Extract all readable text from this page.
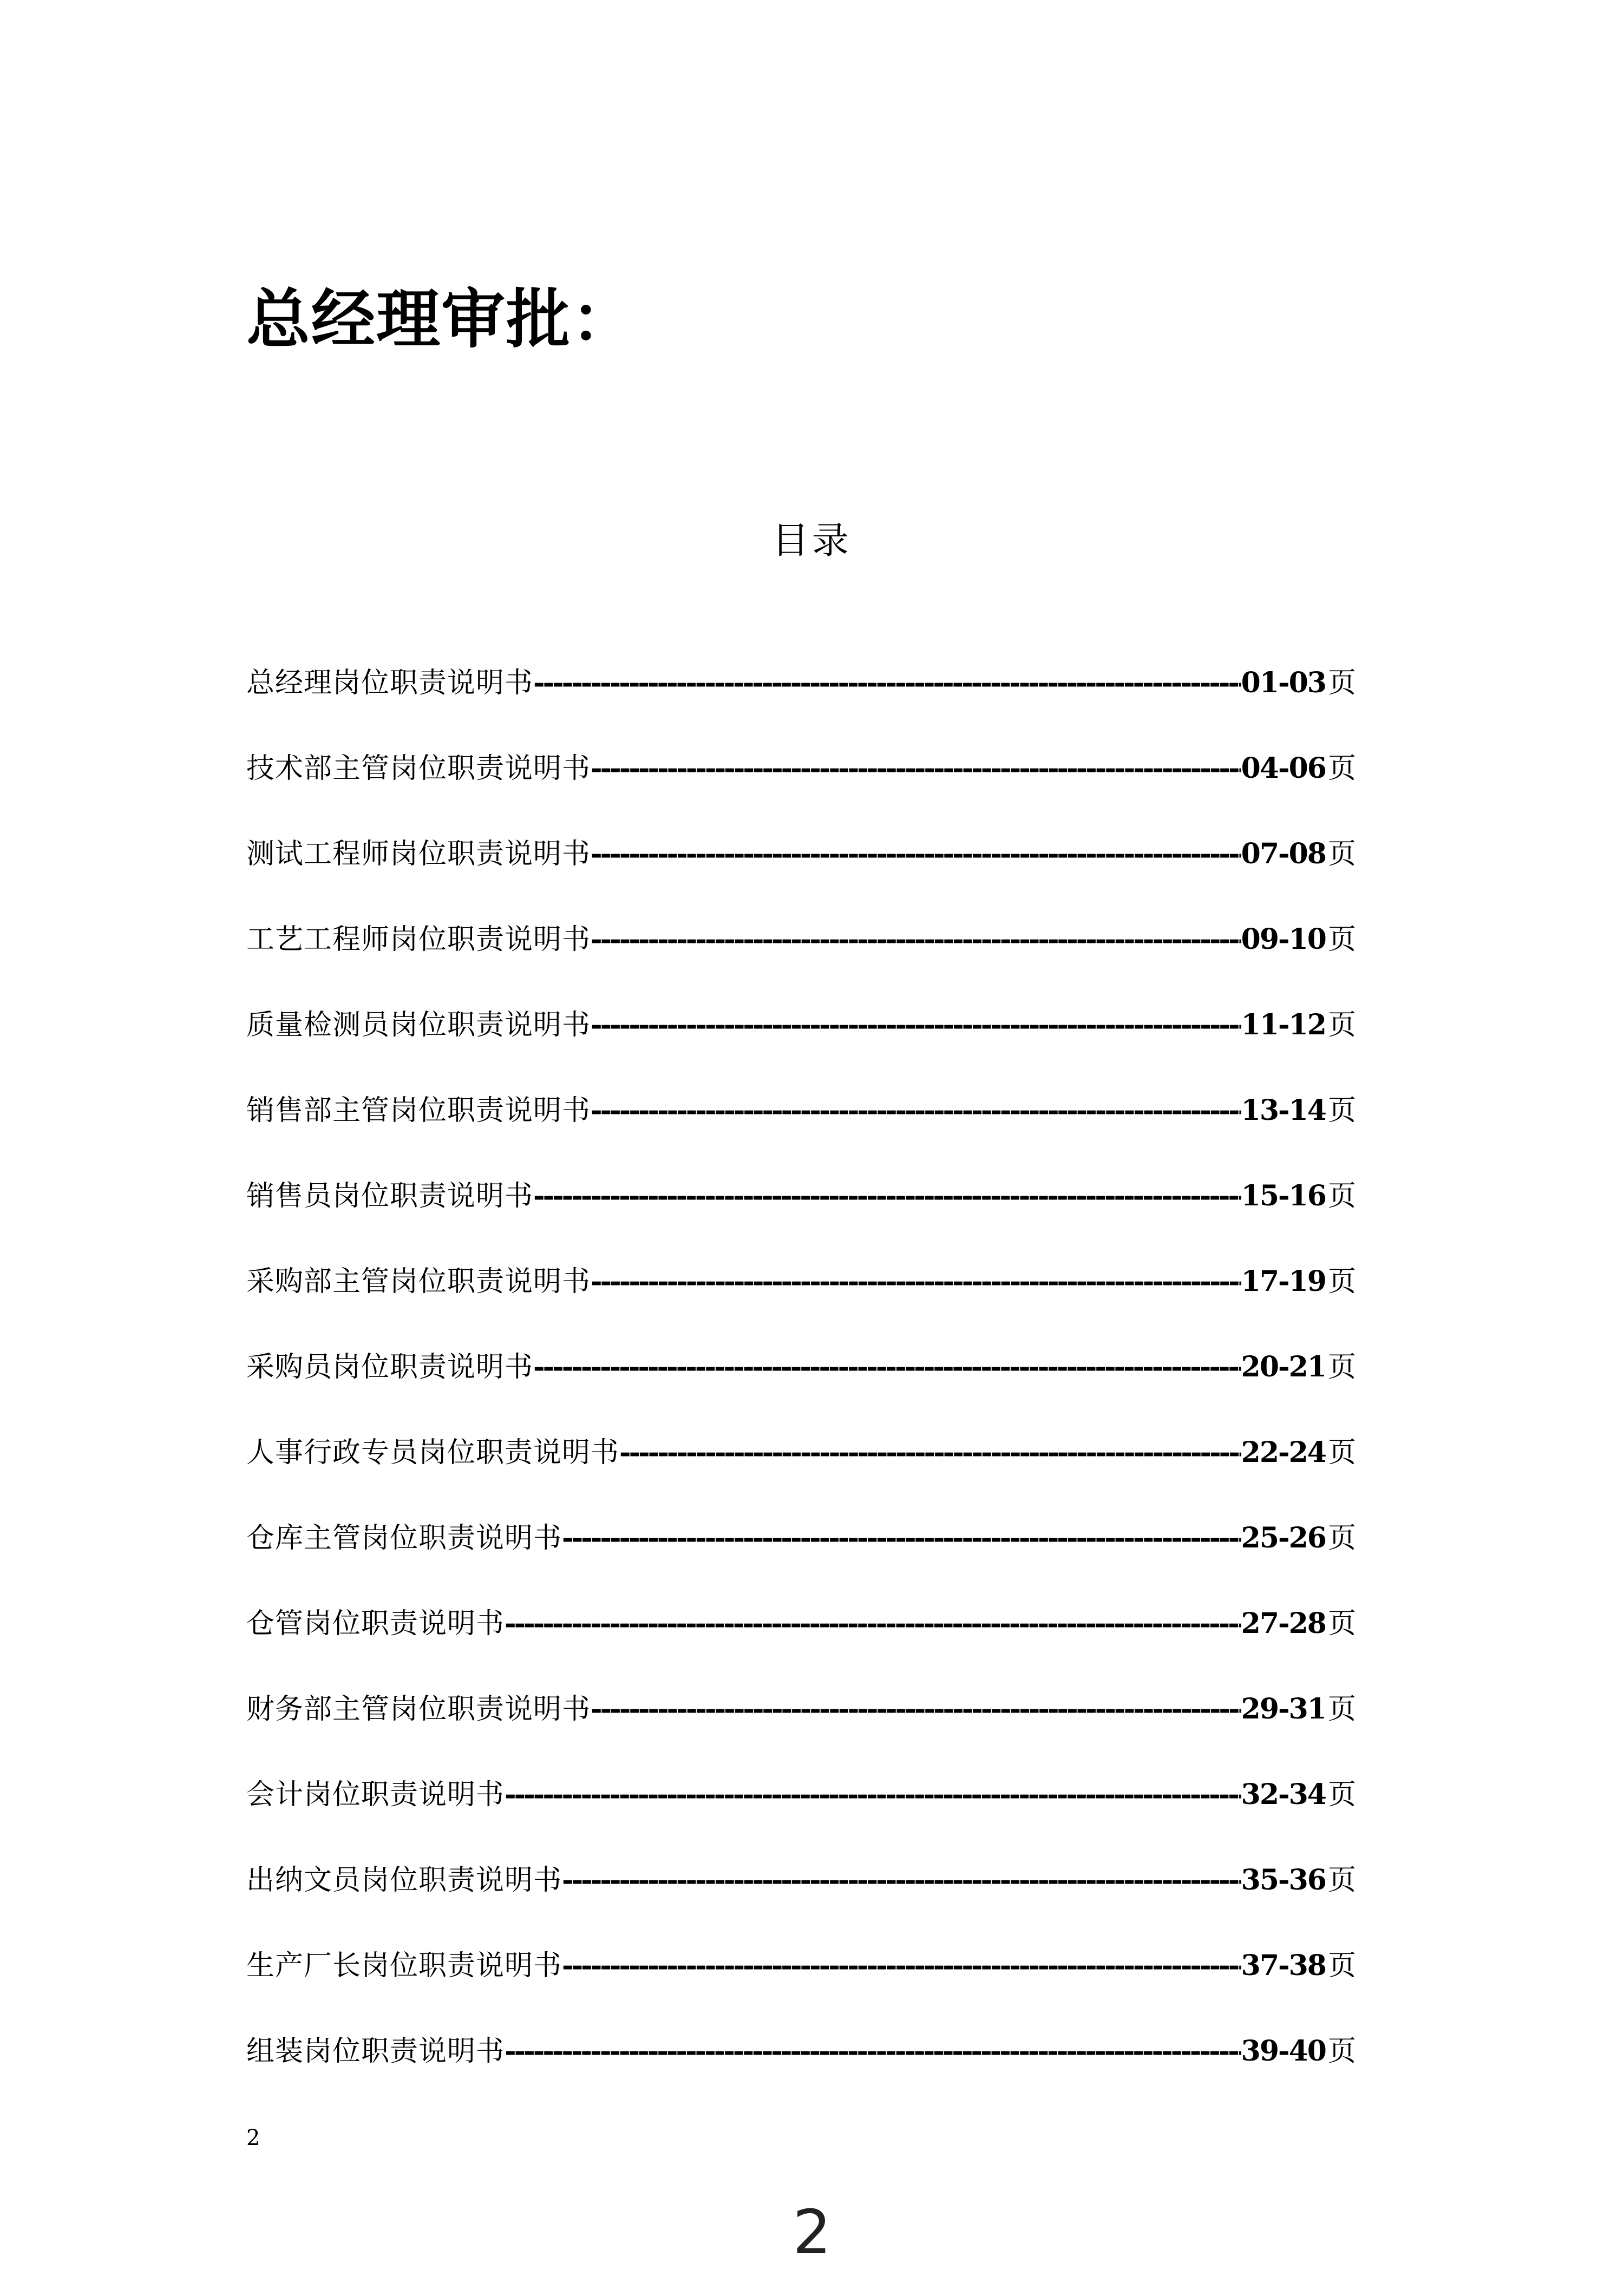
总经理审批：
目录
总经理岗位职责说明书 -----	01-03 页
技术部主管岗位职责说明书 -----	04-06 页
测试工程师岗位职责说明书 -----	07-08 页
工艺工程师岗位职责说明书 -----	09-10 页
质量检测员岗位职责说明书 -----	11-12 页
销售部主管岗位职责说明书 -----	13-14 页
销售员岗位职责说明书 -----	15-16 页
采购部主管岗位职责说明书 -----	17-19 页
采购员岗位职责说明书 -----	20-21 页
人事行政专员岗位职责说明书 -----	22-24 页
仓库主管岗位职责说明书 -----	25-26 页
仓管岗位职责说明书 -----	27-28 页
财务部主管岗位职责说明书 -----	29-31 页
会计岗位职责说明书 -----	32-34 页
出纳文员岗位职责说明书 -----	35-36 页
生产厂长岗位职责说明书 -----	37-38 页
组装岗位职责说明书 -----	39-40 页
2
2
